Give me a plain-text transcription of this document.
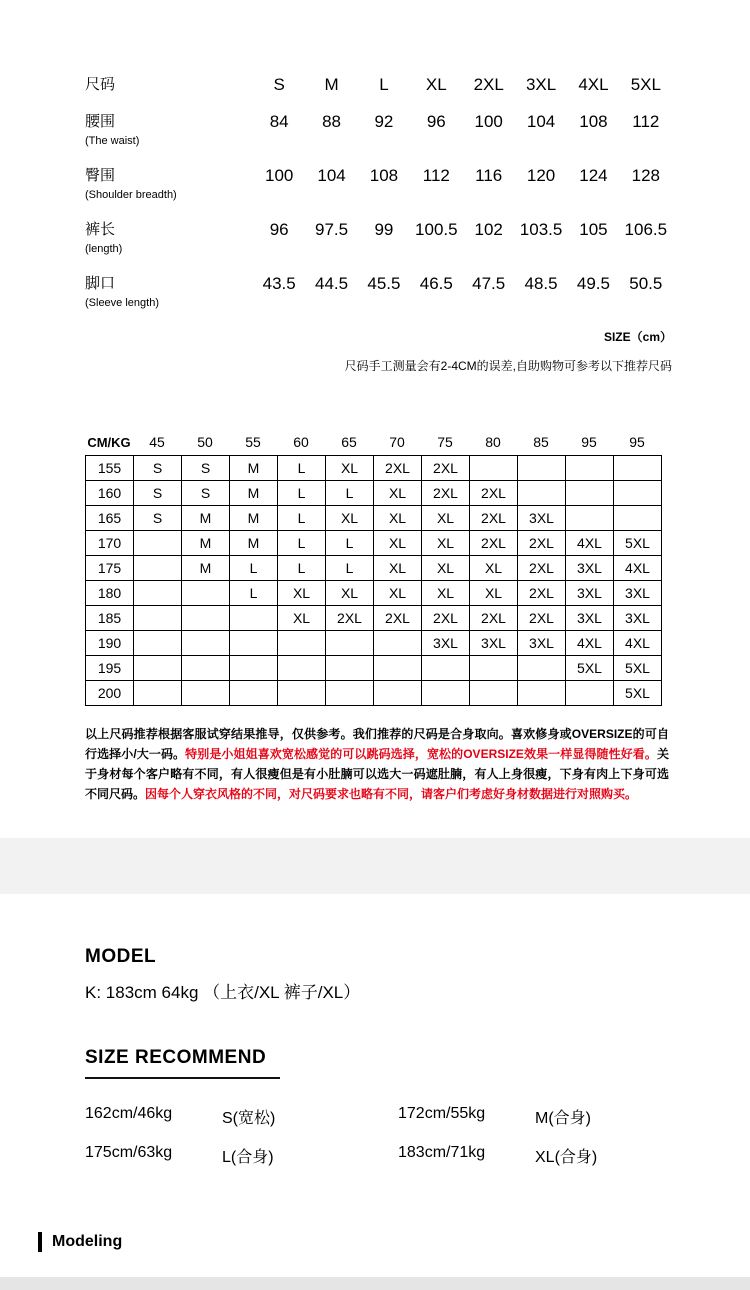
尺码	S	M	L	XL	2XL	3XL	4XL	5XL
腰围
(The waist)
84	88	92	96	100	104	108	112
臀围
(Shoulder breadth)
100	104	108	112	116	120	124	128
裤长
(length)
96	97.5	99	100.5 102 103.5 105 106.5
脚口
(Sleeve length)
43.5	44.5	45.5	46.5	47.5	48.5	49.5	50.5
SIZE（cm）
尺码手工测量会有2-4CM的误差,自助购物可参考以下推荐尺码
CM/KG	45	50	55	60	65	70	75	80	85	95	95
155	S	S	M	L	XL	2XL	2XL				
160	S	S	M	L	L	XL	2XL	2XL			
165	S	M	M	L	XL	XL	XL	2XL	3XL		
170		M	M	L	L	XL	XL	2XL	2XL	4XL	5XL
175		M	L	L	L	XL	XL	XL	2XL	3XL	4XL
180			L	XL	XL	XL	XL	XL	2XL	3XL	3XL
185				XL	2XL	2XL	2XL	2XL	2XL	3XL	3XL
190							3XL	3XL	3XL	4XL	4XL
195										5XL	5XL
200											5XL

以上尺码推荐根据客服试穿结果推导，仅供参考。我们推荐的尺码是合身取向。喜欢修身或OVERSIZE的可自行选择小/大一码。特别是小姐姐喜欢宽松感觉的可以跳码选择，宽松的OVERSIZE效果一样显得随性好看。关于身材每个客户略有不同，有人很瘦但是有小肚腩可以选大一码遮肚腩，有人上身很瘦，下身有肉上下身可选不同尺码。因每个人穿衣风格的不同，对尺码要求也略有不同，请客户们考虑好身材数据进行对照购买。

MODEL

K: 183cm 64kg （上衣/XL 裤子/XL）

SIZE RECOMMEND
162cm/46kg	S(宽松)	172cm/55kg	M(合身)
175cm/63kg	L(合身)	183cm/71kg	XL(合身)
Modeling
